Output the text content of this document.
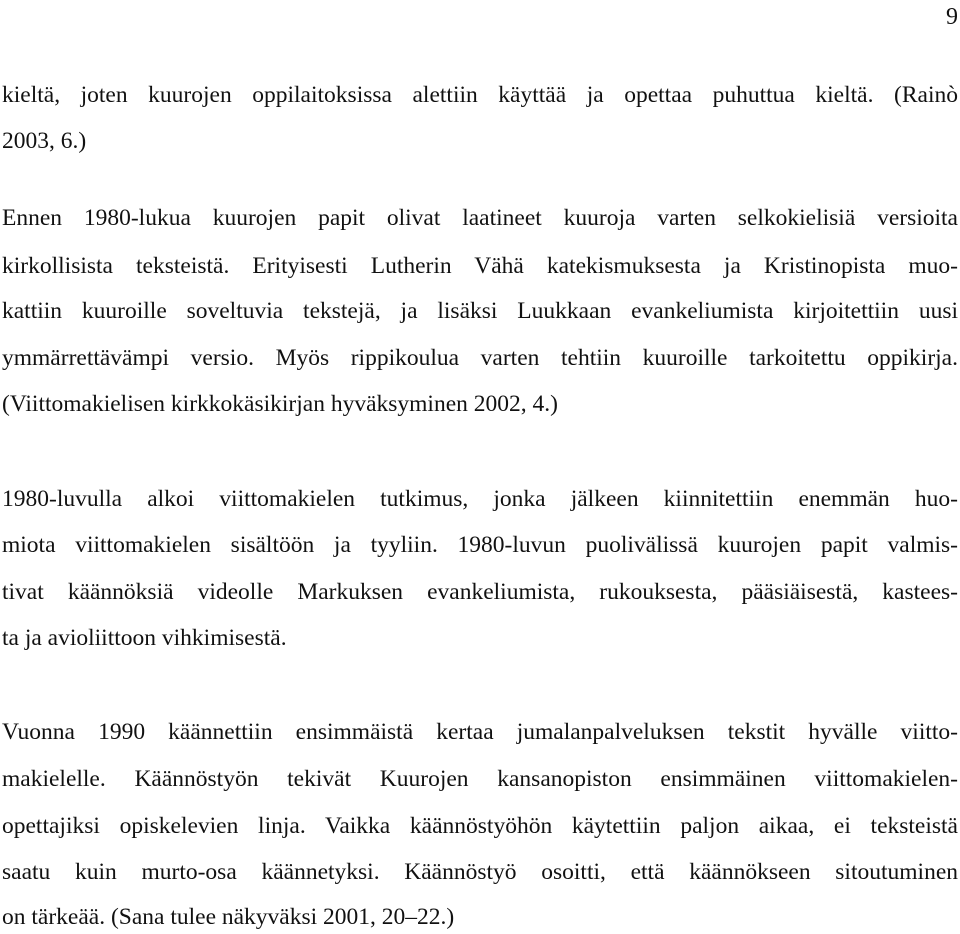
9
kieltä, joten kuurojen oppilaitoksissa alettiin käyttää ja opettaa puhuttua kieltä. (Rainò
2003, 6.)
Ennen 1980-lukua kuurojen papit olivat laatineet kuuroja varten selkokielisiä versioita
kirkollisista teksteistä. Erityisesti Lutherin Vähä katekismuksesta ja Kristinopista muo-
kattiin kuuroille soveltuvia tekstejä, ja lisäksi Luukkaan evankeliumista kirjoitettiin uusi
ymmärrettävämpi versio. Myös rippikoulua varten tehtiin kuuroille tarkoitettu oppikirja.
(Viittomakielisen kirkkokäsikirjan hyväksyminen 2002, 4.)
1980-luvulla alkoi viittomakielen tutkimus, jonka jälkeen kiinnitettiin enemmän huo-
miota viittomakielen sisältöön ja tyyliin. 1980-luvun puolivälissä kuurojen papit valmis-
tivat käännöksiä videolle Markuksen evankeliumista, rukouksesta, pääsiäisestä, kastees-
ta ja avioliittoon vihkimisestä.
Vuonna 1990 käännettiin ensimmäistä kertaa jumalanpalveluksen tekstit hyvälle viitto-
makielelle. Käännöstyön tekivät Kuurojen kansanopiston ensimmäinen viittomakielen-
opettajiksi opiskelevien linja. Vaikka käännöstyöhön käytettiin paljon aikaa, ei teksteistä
saatu kuin murto-osa käännetyksi. Käännöstyö osoitti, että käännökseen sitoutuminen
on tärkeää. (Sana tulee näkyväksi 2001, 20–22.)
